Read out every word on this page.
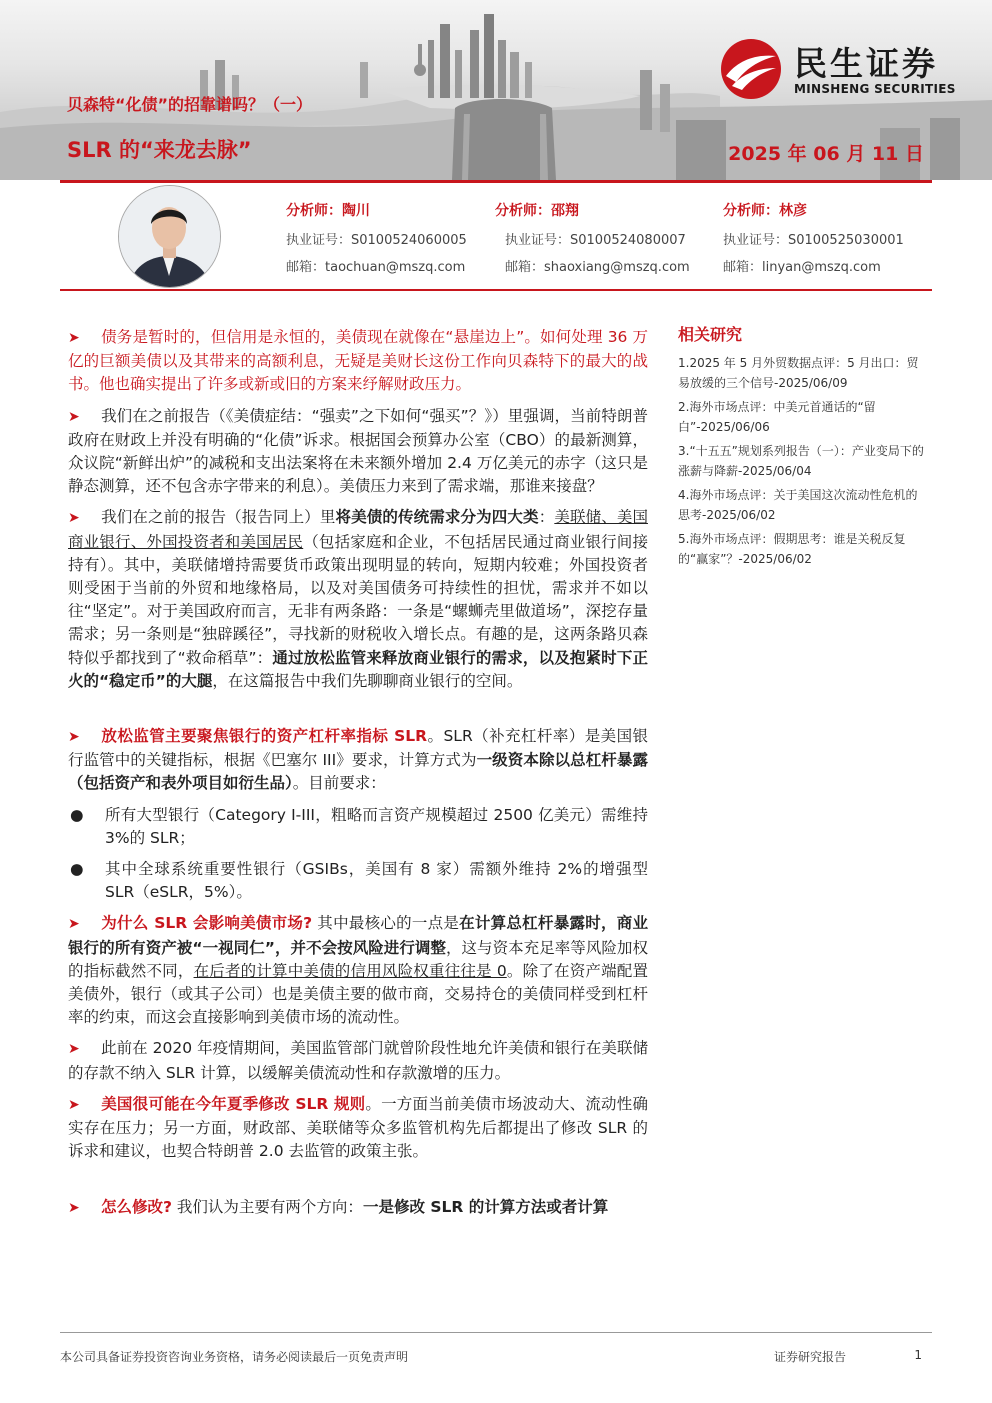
贝森特“化债”的招靠谱吗？（一）
SLR 的“来龙去脉”	2025 年 06 月 11 日
民生证券
MINSHENG SECURITIES
分析师：陶川
执业证号：S0100524060005
邮箱：taochuan@mszq.com
分析师：邵翔
执业证号：S0100524080007
邮箱：shaoxiang@mszq.com
分析师：林彦
执业证号：S0100525030001
邮箱：linyan@mszq.com

➤ 债务是暂时的，但信用是永恒的，美债现在就像在“悬崖边上”。如何处理 36 万亿的巨额美债以及其带来的高额利息，无疑是美财长这份工作向贝森特下的最大的战书。他也确实提出了许多或新或旧的方案来纾解财政压力。

➤ 我们在之前报告（《美债症结：“强卖”之下如何“强买”？》）里强调，当前特朗普政府在财政上并没有明确的“化债”诉求。根据国会预算办公室（CBO）的最新测算，众议院“新鲜出炉”的减税和支出法案将在未来额外增加 2.4 万亿美元的赤字（这只是静态测算，还不包含赤字带来的利息）。美债压力来到了需求端，那谁来接盘？

➤ 我们在之前的报告（报告同上）里将美债的传统需求分为四大类：美联储、美国商业银行、外国投资者和美国居民（包括家庭和企业，不包括居民通过商业银行间接持有）。其中，美联储增持需要货币政策出现明显的转向，短期内较难；外国投资者则受困于当前的外贸和地缘格局，以及对美国债务可持续性的担忧，需求并不如以往“坚定”。对于美国政府而言，无非有两条路：一条是“螺蛳壳里做道场”，深挖存量需求；另一条则是“独辟蹊径”，寻找新的财税收入增长点。有趣的是，这两条路贝森特似乎都找到了“救命稻草”：通过放松监管来释放商业银行的需求，以及抱紧时下正火的“稳定币”的大腿，在这篇报告中我们先聊聊商业银行的空间。

➤ 放松监管主要聚焦银行的资产杠杆率指标 SLR。SLR（补充杠杆率）是美国银行监管中的关键指标，根据《巴塞尔 III》要求，计算方式为一级资本除以总杠杆暴露（包括资产和表外项目如衍生品）。目前要求：

● 所有大型银行（Category I-III，粗略而言资产规模超过 2500 亿美元）需维持 3%的 SLR；

● 其中全球系统重要性银行（GSIBs，美国有 8 家）需额外维持 2%的增强型 SLR（eSLR，5%）。

➤ 为什么 SLR 会影响美债市场? 其中最核心的一点是在计算总杠杆暴露时，商业银行的所有资产被“一视同仁”，并不会按风险进行调整，这与资本充足率等风险加权的指标截然不同，在后者的计算中美债的信用风险权重往往是 0。除了在资产端配置美债外，银行（或其子公司）也是美债主要的做市商，交易持仓的美债同样受到杠杆率的约束，而这会直接影响到美债市场的流动性。

➤ 此前在 2020 年疫情期间，美国监管部门就曾阶段性地允许美债和银行在美联储的存款不纳入 SLR 计算，以缓解美债流动性和存款激增的压力。

➤ 美国很可能在今年夏季修改 SLR 规则。一方面当前美债市场波动大、流动性确实存在压力；另一方面，财政部、美联储等众多监管机构先后都提出了修改 SLR 的诉求和建议，也契合特朗普 2.0 去监管的政策主张。

➤ 怎么修改? 我们认为主要有两个方向：一是修改 SLR 的计算方法或者计算

相关研究
1.2025 年 5 月外贸数据点评：5 月出口：贸易放缓的三个信号-2025/06/09
2.海外市场点评：中美元首通话的“留白”-2025/06/06
3.“十五五”规划系列报告（一）：产业变局下的涨薪与降薪-2025/06/04
4.海外市场点评：关于美国这次流动性危机的思考-2025/06/02
5.海外市场点评：假期思考：谁是关税反复的“赢家”？-2025/06/02
本公司具备证券投资咨询业务资格，请务必阅读最后一页免责声明	证券研究报告	1
